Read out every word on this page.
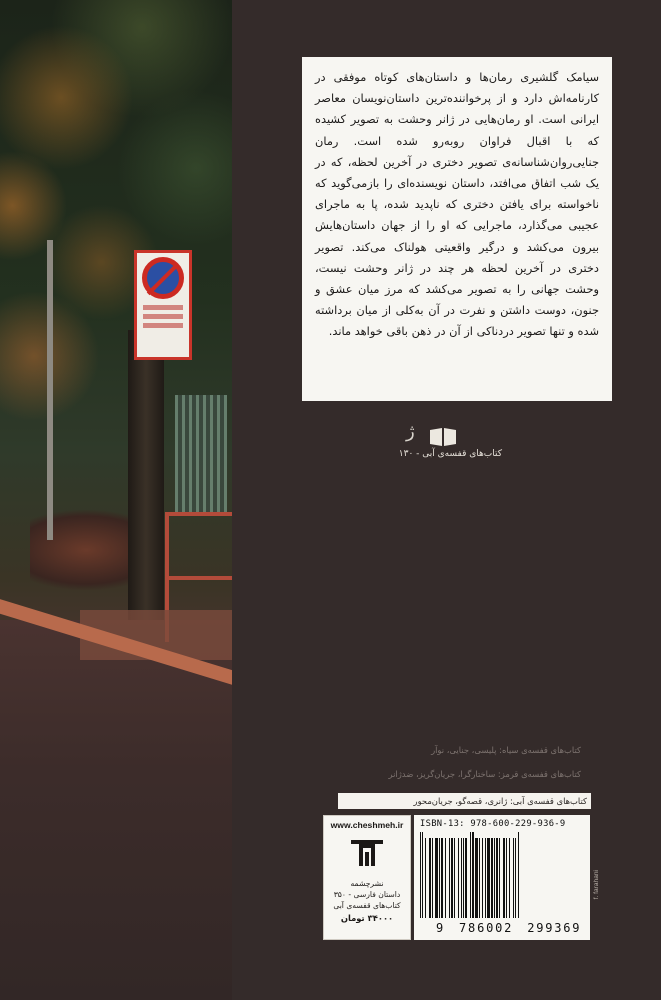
سیامک گلشیری رمان‌ها و داستان‌های کوتاه موفقی در کارنامه‌اش دارد و از پرخواننده‌ترین داستان‌نویسان معاصر ایرانی است. او رمان‌هایی در ژانر وحشت به تصویر کشیده که با اقبال فراوان روبه‌رو شده است. رمان جنایی‌روان‌شناسانه‌ی تصویر دختری در آخرین لحظه، که در یک شب اتفاق می‌افتد، داستان نویسنده‌ای را بازمی‌گوید که ناخواسته برای یافتن دختری که ناپدید شده، پا به ماجرای عجیبی می‌گذارد، ماجرایی که او را از جهان داستان‌هایش بیرون می‌کشد و درگیر واقعیتی هولناک می‌کند. تصویر دختری در آخرین لحظه هر چند در ژانر وحشت نیست، وحشت جهانی را به تصویر می‌کشد که مرز میان عشق و جنون، دوست داشتن و نفرت در آن به‌کلی از میان برداشته شده و تنها تصویر دردناکی از آن در ذهن باقی خواهد ماند.

ژ
کتاب‌های قفسه‌ی آبی - ۱۳۰
کتاب‌های قفسه‌ی سیاه: پلیسی، جنایی، نوآر
کتاب‌های قفسه‌ی قرمز: ساختارگرا، جریان‌گریز، ضدژانر
کتاب‌های قفسه‌ی آبی: ژانری، قصه‌گو، جریان‌محور
www.cheshmeh.ir
نشرچشمه
داستان فارسی - ۳۵۰
کتاب‌های قفسه‌ی آبی
۳۴۰۰۰ تومان
ISBN-13: 978-600-229-936-9
9 786002 299369
f. farahani
